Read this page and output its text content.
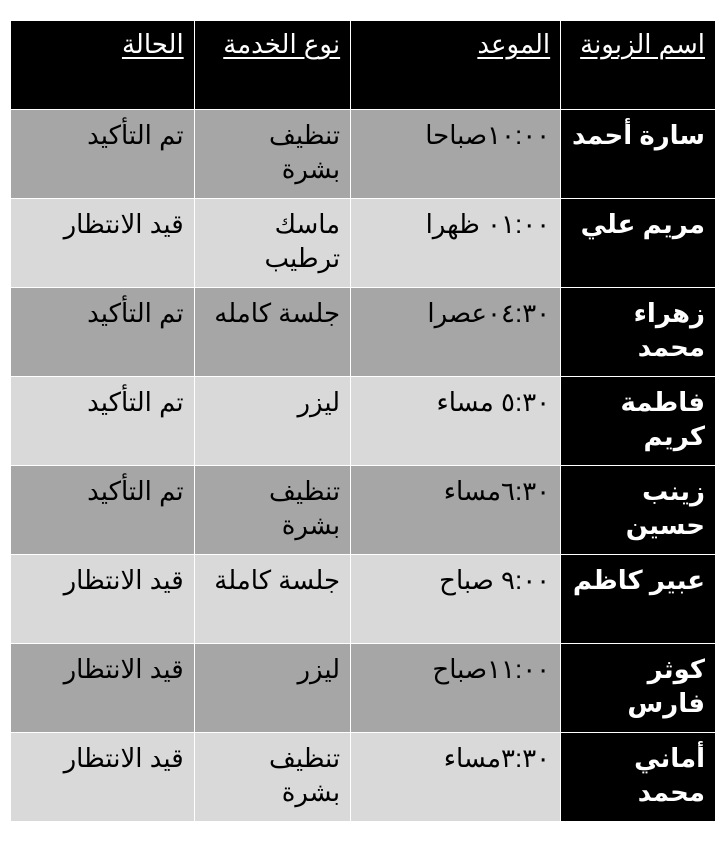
اسم الزبونة	الموعد	نوع الخدمة	الحالة
سارة أحمد	١٠:٠٠صباحا	تنظيف بشرة	تم التأكيد
مريم علي	٠١:٠٠ ظهرا	ماسك ترطيب	قيد الانتظار
زهراء محمد	٠٤:٣٠عصرا	جلسة كامله	تم التأكيد
فاطمة كريم	٥:٣٠ مساء	ليزر	تم التأكيد
زينب حسين	٦:٣٠مساء	تنظيف بشرة	تم التأكيد
عبير كاظم	٩:٠٠ صباح	جلسة كاملة	قيد الانتظار
كوثر فارس	١١:٠٠صباح	ليزر	قيد الانتظار
أماني محمد	٣:٣٠مساء	تنظيف بشرة	قيد الانتظار
